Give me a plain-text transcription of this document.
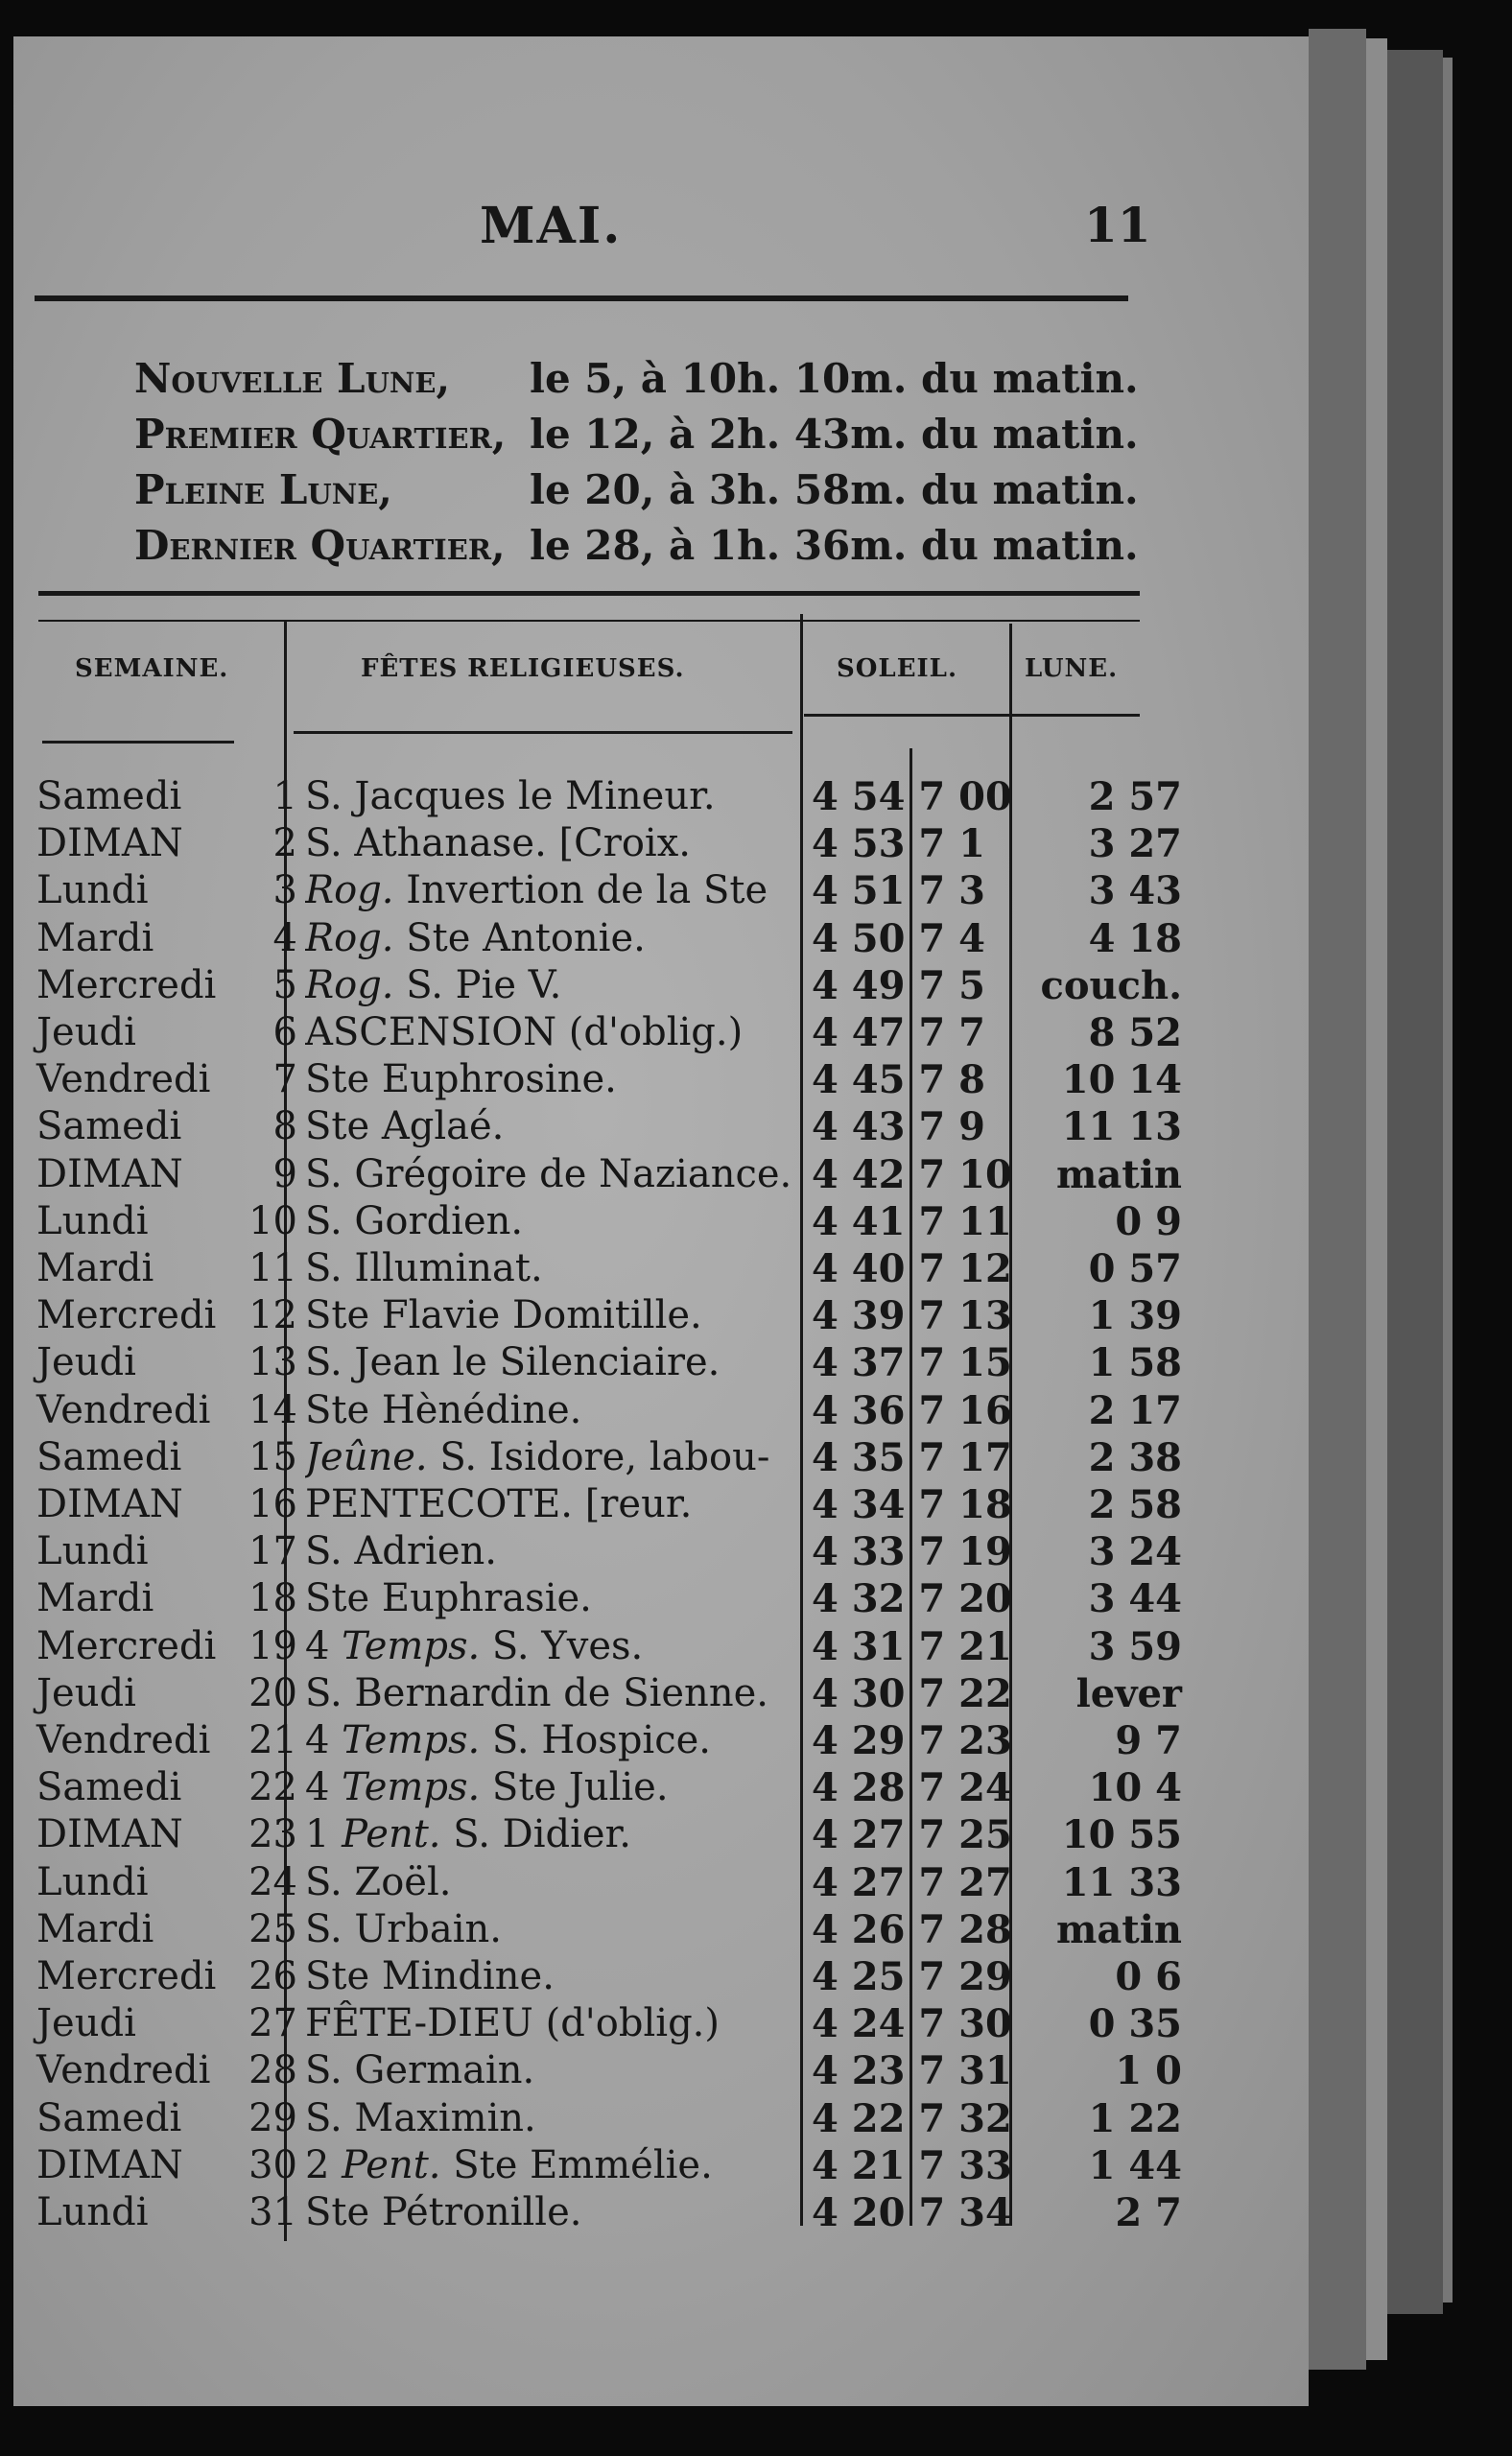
MAI.	11
Nouvelle Lune, le 5, à 10h. 10m. du matin.
Premier Quartier, le 12, à 2h. 43m. du matin.
Pleine Lune,	le 20, à 3h. 58m. du matin.
Dernier Quartier, le 28, à 1h. 36m. du matin.
SEMAINE.	FÊTES RELIGIEUSES.	SOLEIL.	LUNE.
Samedi	1 S. Jacques le Mineur.	4 54 7 00	2 57
DIMAN	2 S. Athanase. [Croix.	4 53 7 1	3 27
Lundi	3 Rog. Invertion de la Ste	4 51 7 3	3 43
Mardi	4 Rog. Ste Antonie.	4 50 7 4	4 18
Mercredi	5 Rog. S. Pie V.	4 49 7 5	couch.
Jeudi	6 ASCENSION (d'oblig.)	4 47 7 7	8 52
Vendredi	7 Ste Euphrosine.	4 45 7 8	10 14
Samedi	8 Ste Aglaé.	4 43 7 9	11 13
DIMAN	9 S. Grégoire de Naziance. 4 42 7 10	matin
Lundi	10 S. Gordien.	4 41 7 11	0 9
Mardi	11 S. Illuminat.	4 40 7 12	0 57
Mercredi 12 Ste Flavie Domitille.	4 39 7 13	1 39
Jeudi	13 S. Jean le Silenciaire.	4 37 7 15	1 58
Vendredi 14 Ste Hènédine.	4 36 7 16	2 17
Samedi	15 Jeûne. S. Isidore, labou-	4 35 7 17	2 38
DIMAN	16 PENTECOTE. [reur.	4 34 7 18	2 58
Lundi	17 S. Adrien.	4 33 7 19	3 24
Mardi	18 Ste Euphrasie.	4 32 7 20	3 44
Mercredi 19 4 Temps. S. Yves.	4 31 7 21	3 59
Jeudi	20 S. Bernardin de Sienne.	4 30 7 22	lever
Vendredi 21 4 Temps. S. Hospice.	4 29 7 23	9 7
Samedi	22 4 Temps. Ste Julie.	4 28 7 24	10 4
DIMAN	23 1 Pent. S. Didier.	4 27 7 25	10 55
Lundi	24 S. Zoël.	4 27 7 27	11 33
Mardi	25 S. Urbain.	4 26 7 28	matin
Mercredi 26 Ste Mindine.	4 25 7 29	0 6
Jeudi	27 FÊTE-DIEU (d'oblig.)	4 24 7 30	0 35
Vendredi 28 S. Germain.	4 23 7 31	1 0
Samedi	29 S. Maximin.	4 22 7 32	1 22
DIMAN	30 2 Pent. Ste Emmélie.	4 21 7 33	1 44
Lundi	31 Ste Pétronille.	4 20 7 34	2 7
